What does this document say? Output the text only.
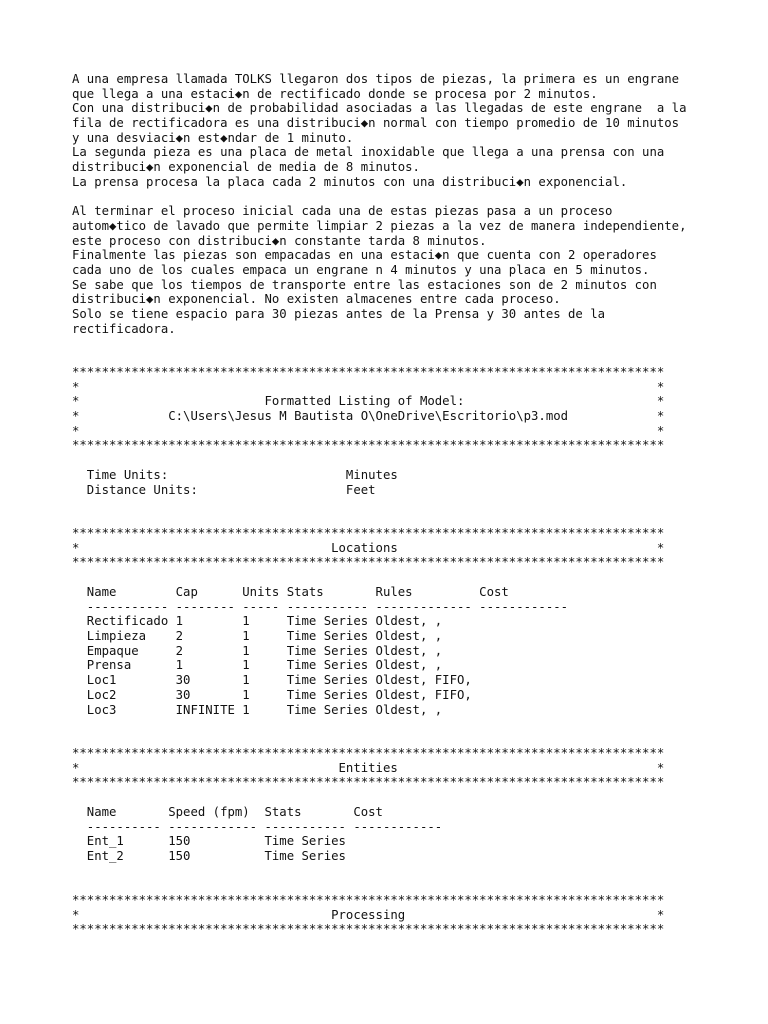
A una empresa llamada TOLKS llegaron dos tipos de piezas, la primera es un engrane
que llega a una estaci◆n de rectificado donde se procesa por 2 minutos.
Con una distribuci◆n de probabilidad asociadas a las llegadas de este engrane  a la
fila de rectificadora es una distribuci◆n normal con tiempo promedio de 10 minutos
y una desviaci◆n est◆ndar de 1 minuto.
La segunda pieza es una placa de metal inoxidable que llega a una prensa con una
distribuci◆n exponencial de media de 8 minutos.
La prensa procesa la placa cada 2 minutos con una distribuci◆n exponencial.
Al terminar el proceso inicial cada una de estas piezas pasa a un proceso
autom◆tico de lavado que permite limpiar 2 piezas a la vez de manera independiente,
este proceso con distribuci◆n constante tarda 8 minutos.
Finalmente las piezas son empacadas en una estaci◆n que cuenta con 2 operadores
cada uno de los cuales empaca un engrane n 4 minutos y una placa en 5 minutos.
Se sabe que los tiempos de transporte entre las estaciones son de 2 minutos con
distribuci◆n exponencial. No existen almacenes entre cada proceso.
Solo se tiene espacio para 30 piezas antes de la Prensa y 30 antes de la
rectificadora.
********************************************************************************
*                                                                              *
*                         Formatted Listing of Model:                          *
*            C:\Users\Jesus M Bautista O\OneDrive\Escritorio\p3.mod            *
*                                                                              *
********************************************************************************
Time Units:                        Minutes
Distance Units:                    Feet
********************************************************************************
*                                  Locations                                   *
********************************************************************************
Name        Cap      Units Stats       Rules         Cost
----------- -------- ----- ----------- ------------- ------------
Rectificado 1        1     Time Series Oldest, ,
Limpieza    2        1     Time Series Oldest, ,
Empaque     2        1     Time Series Oldest, ,
Prensa      1        1     Time Series Oldest, ,
Loc1        30       1     Time Series Oldest, FIFO,
Loc2        30       1     Time Series Oldest, FIFO,
Loc3        INFINITE 1     Time Series Oldest, ,
********************************************************************************
*                                   Entities                                   *
********************************************************************************
Name       Speed (fpm)  Stats       Cost
---------- ------------ ----------- ------------
Ent_1      150          Time Series
Ent_2      150          Time Series
********************************************************************************
*                                  Processing                                  *
********************************************************************************
